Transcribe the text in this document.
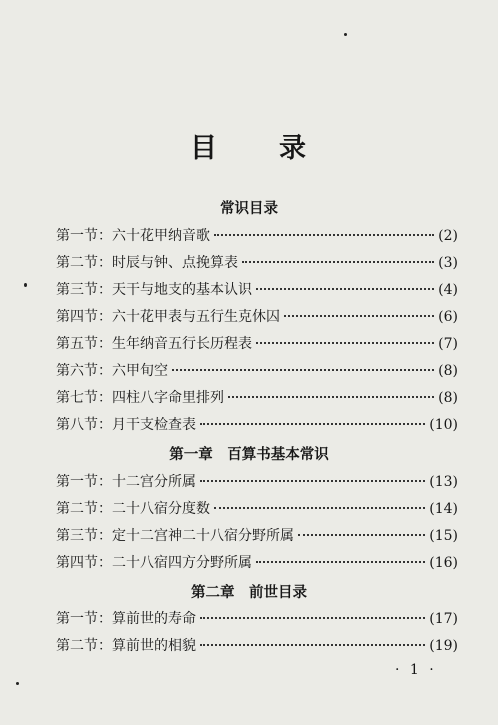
目 录
常识目录
第一节：六十花甲纳音歌	(2)
第二节：时辰与钟、点挽算表	(3)
第三节：天干与地支的基本认识	(4)
第四节：六十花甲表与五行生克休囚	(6)
第五节：生年纳音五行长历程表	(7)
第六节：六甲旬空	(8)
第七节：四柱八字命里排列	(8)
第八节：月干支检查表	(10)
第一章　百算书基本常识
第一节：十二宫分所属	(13)
第二节：二十八宿分度数	(14)
第三节：定十二宫神二十八宿分野所属	(15)
第四节：二十八宿四方分野所属	(16)
第二章　前世目录
第一节：算前世的寿命	(17)
第二节：算前世的相貌	(19)
· 1 ·
